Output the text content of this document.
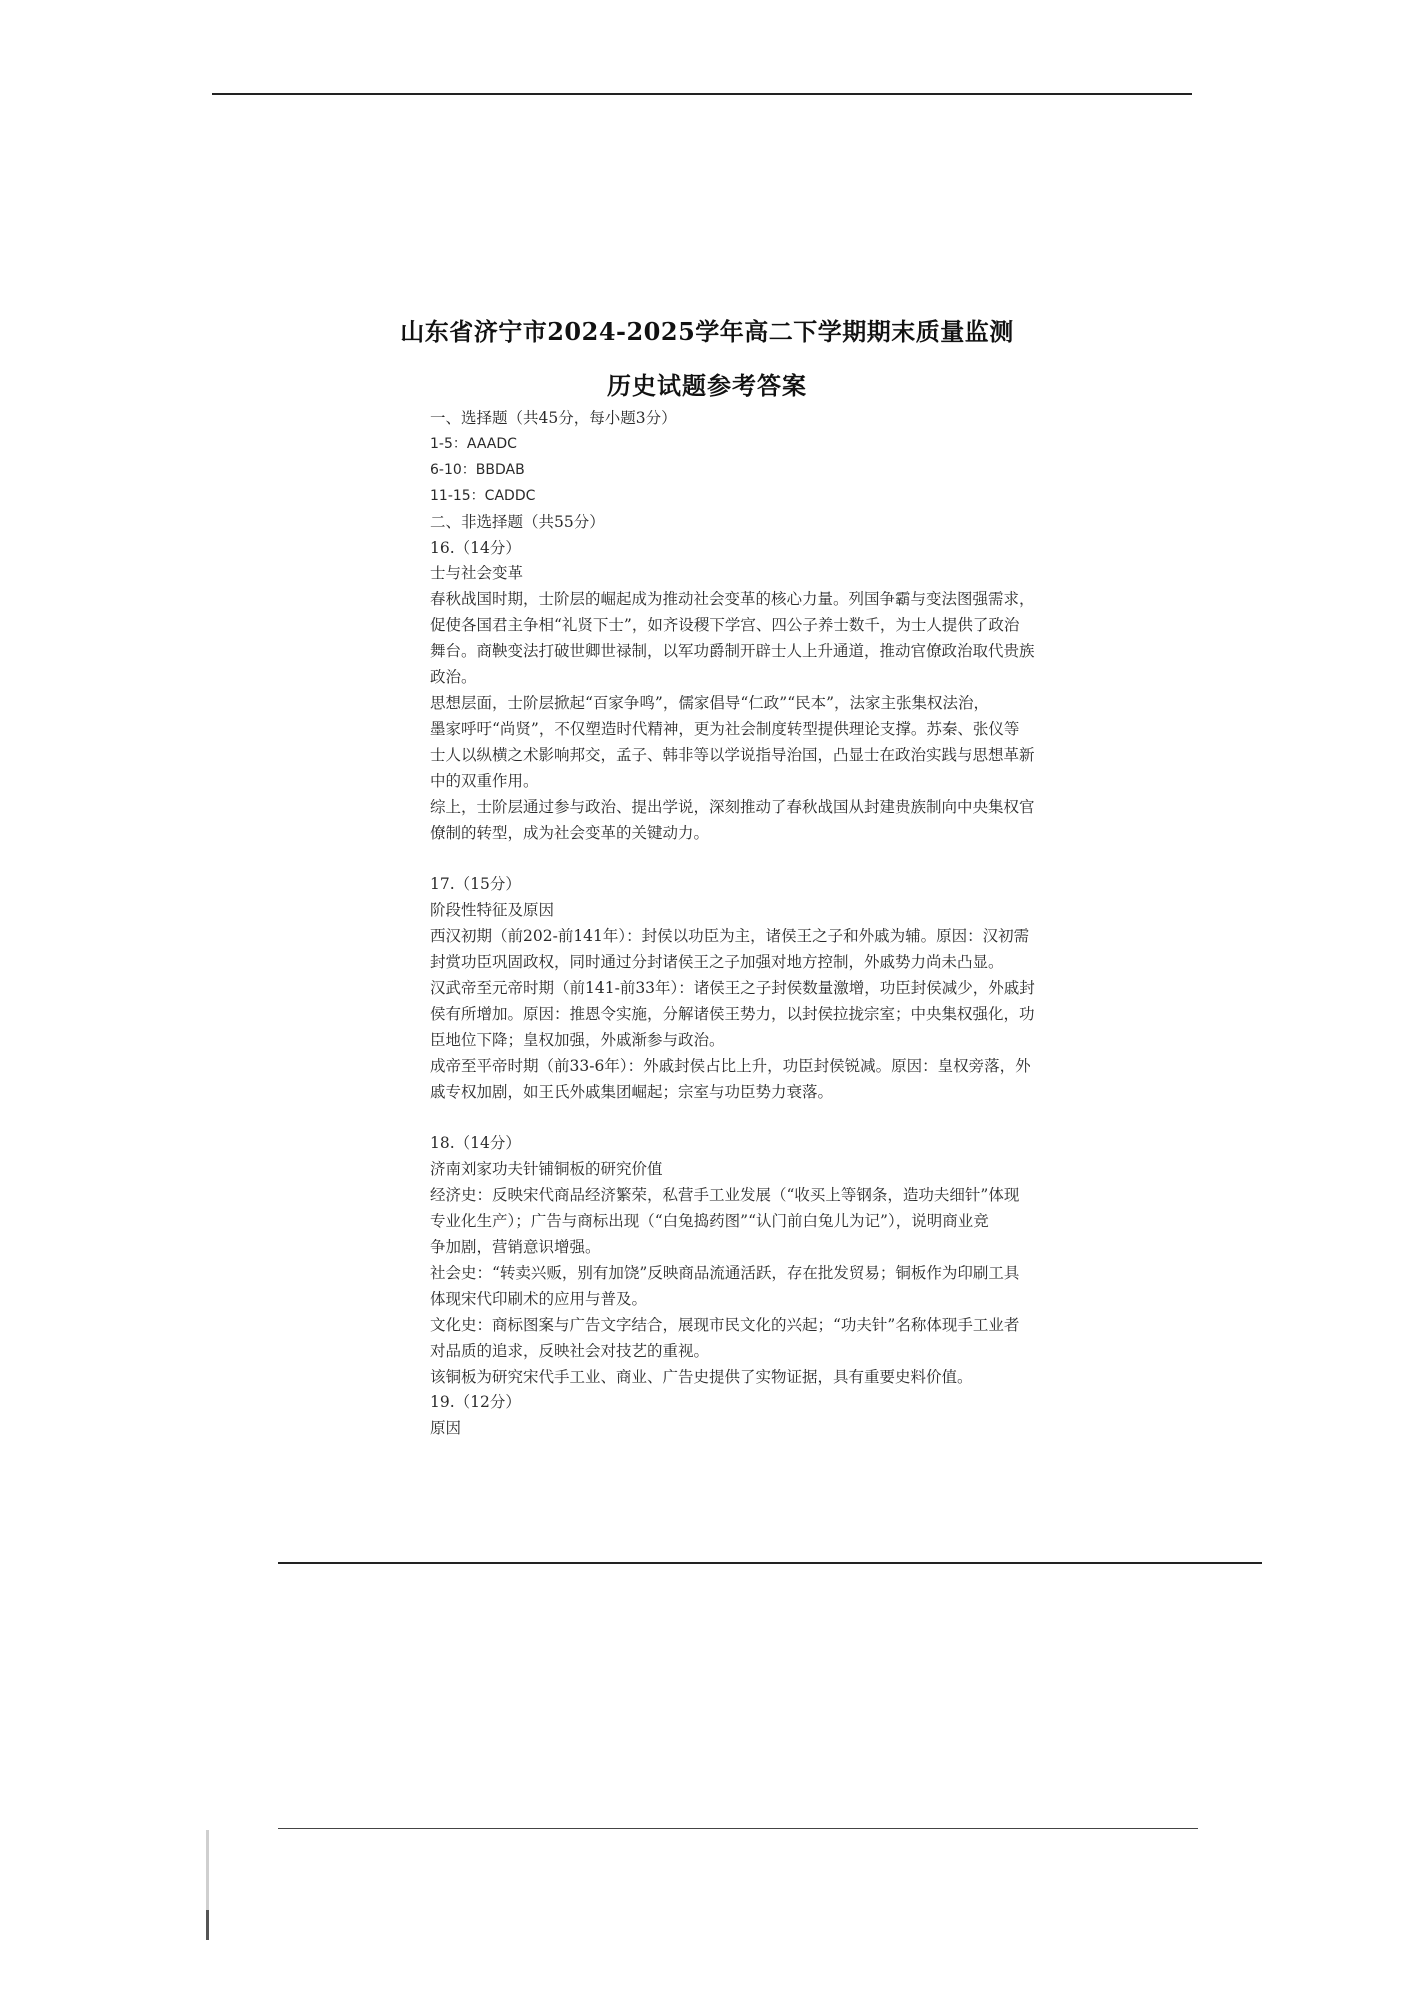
山东省济宁市2024-2025学年高二下学期期末质量监测
历史试题参考答案

一、选择题（共45分，每小题3分）

1-5：AAADC

6-10：BBDAB

11-15：CADDC

二、非选择题（共55分）

16.（14分）

士与社会变革

春秋战国时期，士阶层的崛起成为推动社会变革的核心力量。列国争霸与变法图强需求，

促使各国君主争相“礼贤下士”，如齐设稷下学宫、四公子养士数千，为士人提供了政治

舞台。商鞅变法打破世卿世禄制，以军功爵制开辟士人上升通道，推动官僚政治取代贵族

政治。

思想层面，士阶层掀起“百家争鸣”，儒家倡导“仁政”“民本”，法家主张集权法治，

墨家呼吁“尚贤”，不仅塑造时代精神，更为社会制度转型提供理论支撑。苏秦、张仪等

士人以纵横之术影响邦交，孟子、韩非等以学说指导治国，凸显士在政治实践与思想革新

中的双重作用。

综上，士阶层通过参与政治、提出学说，深刻推动了春秋战国从封建贵族制向中央集权官

僚制的转型，成为社会变革的关键动力。

17.（15分）

阶段性特征及原因

西汉初期（前202-前141年）：封侯以功臣为主，诸侯王之子和外戚为辅。原因：汉初需

封赏功臣巩固政权，同时通过分封诸侯王之子加强对地方控制，外戚势力尚未凸显。

汉武帝至元帝时期（前141-前33年）：诸侯王之子封侯数量激增，功臣封侯减少，外戚封

侯有所增加。原因：推恩令实施，分解诸侯王势力，以封侯拉拢宗室；中央集权强化，功

臣地位下降；皇权加强，外戚渐参与政治。

成帝至平帝时期（前33-6年）：外戚封侯占比上升，功臣封侯锐减。原因：皇权旁落，外

戚专权加剧，如王氏外戚集团崛起；宗室与功臣势力衰落。

18.（14分）

济南刘家功夫针铺铜板的研究价值

经济史：反映宋代商品经济繁荣，私营手工业发展（“收买上等钢条，造功夫细针”体现

专业化生产）；广告与商标出现（“白兔捣药图”“认门前白兔儿为记”），说明商业竞

争加剧，营销意识增强。

社会史：“转卖兴贩，别有加饶”反映商品流通活跃，存在批发贸易；铜板作为印刷工具

体现宋代印刷术的应用与普及。

文化史：商标图案与广告文字结合，展现市民文化的兴起；“功夫针”名称体现手工业者

对品质的追求，反映社会对技艺的重视。

该铜板为研究宋代手工业、商业、广告史提供了实物证据，具有重要史料价值。

19.（12分）

原因
